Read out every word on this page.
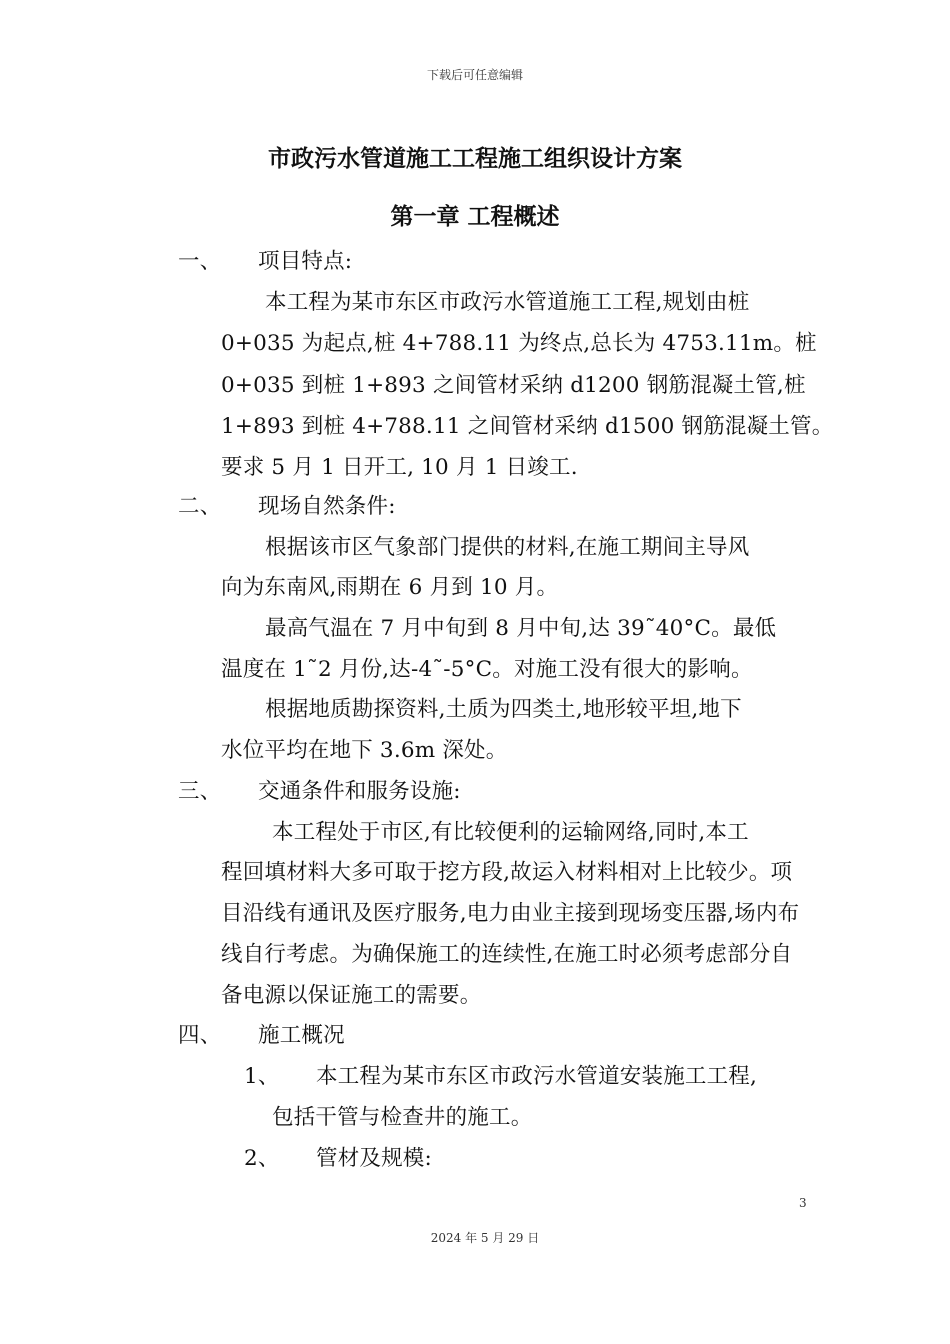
下载后可任意编辑
市政污水管道施工工程施工组织设计方案
第一章 工程概述
一、 项目特点:
本工程为某市东区市政污水管道施工工程,规划由桩
0+035 为起点,桩 4+788.11 为终点,总长为 4753.11m。桩
0+035 到桩 1+893 之间管材采纳 d1200 钢筋混凝土管,桩
1+893 到桩 4+788.11 之间管材采纳 d1500 钢筋混凝土管。
要求 5 月 1 日开工, 10 月 1 日竣工.
二、 现场自然条件:
根据该市区气象部门提供的材料,在施工期间主导风
向为东南风,雨期在 6 月到 10 月。
最高气温在 7 月中旬到 8 月中旬,达 39˜40°C。最低
温度在 1˜2 月份,达-4˜-5°C。对施工没有很大的影响。
根据地质勘探资料,土质为四类土,地形较平坦,地下
水位平均在地下 3.6m 深处。
三、 交通条件和服务设施:
本工程处于市区,有比较便利的运输网络,同时,本工
程回填材料大多可取于挖方段,故运入材料相对上比较少。项
目沿线有通讯及医疗服务,电力由业主接到现场变压器,场内布
线自行考虑。为确保施工的连续性,在施工时必须考虑部分自
备电源以保证施工的需要。
四、 施工概况
1、 本工程为某市东区市政污水管道安装施工工程,
包括干管与检查井的施工。
2、 管材及规模:
3
2024 年 5 月 29 日
